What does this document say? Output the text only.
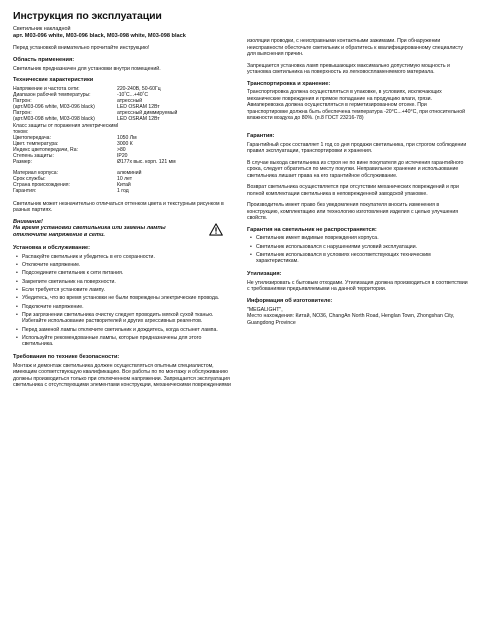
Инструкция по эксплуатации
Светильник накладной
арт. M03-096 white, M03-096 black, M03-098 white, M03-098 black
Перед установкой внимательно прочитайте инструкцию!
Область применения:
Светильник предназначен для установки внутри помещений.
Технические характеристики
Напряжение и частота сети:	220-240В, 50-60Гц
Диапазон рабочей температуры:	-10˚С...+40˚С
Патрон:	атрессный
(арт.М03-096 white, М03-096 black)	LED OSRAM 12Вт
Патрон:	атрессный диммируемый
(арт.М03-098 white, М03-098 black)	LED OSRAM 12Вт
Класс защиты от поражения электрическим током:	I
Цветопередача:	1050 Лм
Цвет. температура:	3000 К
Индекс цветопередачи, Ra:	>80
Степень защиты:	IP20
Размер:	Ø177х выс. корп. 121 мм

Материал корпуса:	алюминий
Срок службы:	10 лет
Страна происхождения:	Китай
Гарантия:	1 год
Светильник может незначительно отличаться оттенком цвета и текстурным рисунком в разных партиях.
Внимание!
На время установки светильника или замены лампы отключите напряжение в сети.
Установка и обслуживание:
• Распакуйте светильник и убедитесь в его сохранности.
• Отключите напряжение.
• Подсоедините светильник к сети питания.
• Закрепите светильник на поверхности.
• Если требуется установите лампу.
• Убедитесь, что во время установки не были повреждены электрические провода.
• Подключите напряжение.
• При загрязнении светильника очистку следует проводить мягкой сухой тканью. Избегайте использование растворителей и других агрессивных реагентов.
• Перед заменой лампы отключите светильник и дождитесь, когда остынет лампа.
• Используйте рекомендованные лампы, которые предназначены для этого светильника.
Требования по технике безопасности:
Монтаж и демонтаж светильника должен осуществляться опытным специалистом, имеющим соответствующую квалификацию. Все работы по по монтажу и обслуживанию должны производиться только при отключенном напряжении. Запрещается эксплуатация светильника с отсутствующими элементами конструкции, механическими повреждениями
изоляции проводки, с неисправными контактными зажимами. При обнаружении неисправности обесточьте светильник и обратитесь к квалифицированному специалисту для выяснения причин.
Запрещается установка ламп превышающих максимально допустимую мощность и установка светильника на поверхность из легковоспламеняемого материала.
Транспортировка и хранение:
Транспортировка должна осуществляться в упаковке, в условиях, исключающих механические повреждения и прямое попадание на продукцию влаги, грязи. Авиаперевозка должна осуществляться в герметизированном отсеке. При транспортировке должна быть обеспечена температура -20°С...+40°С, при относительной влажности воздуха до 80%. (п.8 ГОСТ 23216-78)
Гарантия:
Гарантийный срок составляет 1 год со дня продажи светильника, при строгом соблюдении правил эксплуатации, транспортировки и хранения.
В случае выхода светильника из строя не по вине покупателя до истечения гарантийного срока, следует обратиться по месту покупки. Неправильное хранение и использование светильника лишает права на его гарантийное обслуживание.
Возврат светильника осуществляется при отсутствии механических повреждений и при полной комплектации светильника в неповрежденной заводской упаковке.
Производитель имеет право без уведомления покупателя вносить изменения в конструкцию, комплектацию или технологию изготовления изделия с целью улучшения свойств.
Гарантия на светильник не распространяется:
• Светильник имеет видимые повреждения корпуса.
• Светильник использовался с нарушениями условий эксплуатации.
• Светильник использовался в условиях несоответствующих техническим характеристикам.
Утилизация:
Не утилизировать с бытовым отходами. Утилизация должна производиться в соответствии с требованиями предъявляемыми на данной территории.
Информация об изготовителе:
"MEGALIGHT",
Место нахождения: Китай, NO36, ChangAn North Road, Henglan Town, Zhongshan City, Guangdong Province
